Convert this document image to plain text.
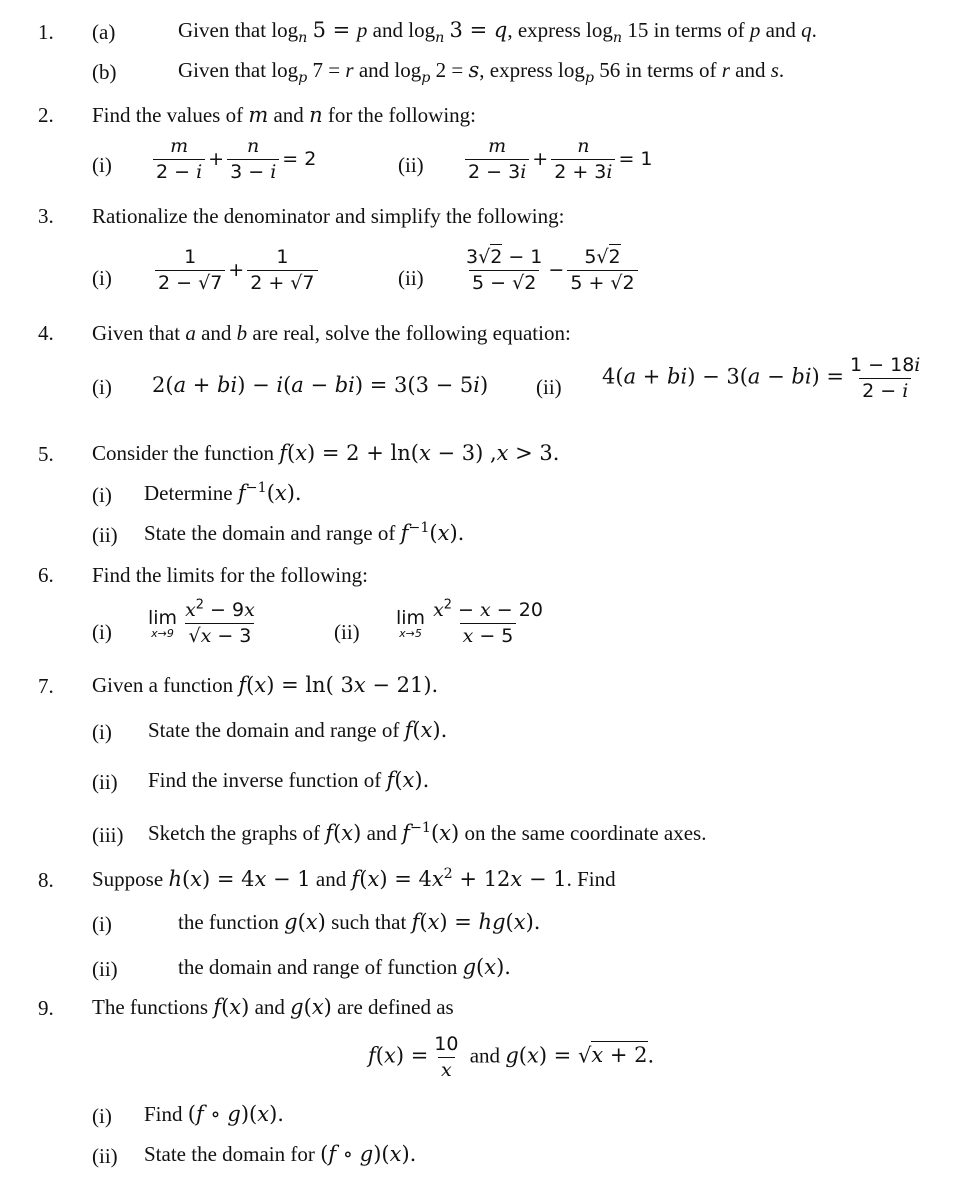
1. (a)	Given that $\log_n 5 = p$ and $\log_n 3 = q$, express $\log_n 15$ in terms of p and q.
(b)	Given that $\log_p 7 = r$ and $\log_p 2 = s$, express $\log_p 56$ in terms of r and s.
2. Find the values of m and n for the following:
$(i) \frac{m}{2 - i} + \frac{n}{3 - i} = 2$	$(ii) \frac{m}{2 - 3i} + \frac{n}{2 + 3i} = 1$
3. Rationalize the denominator and simplify the following:
$(i) \frac{1}{2 - √7} + \frac{1}{2 + √7}$	$(ii) \frac{3√2 - 1}{5 - √2} - \frac{5√2}{5 + √2}$
4. Given that a and b are real, solve the following equation:
(i) 2(a + bi) − i(a − bi) = 3(3 − 5i) (ii) $4(a + bi) - 3(a - bi) = \frac{1 - 18i}{2 - i}$
5. Consider the function f(x) = 2 + ln(x − 3) ,x > 3.
(i) Determine $f^{-1}(x)$.
(ii) State the domain and range of $f^{-1}(x)$.
6. Find the limits for the following:
(i)
lim
$x\to 9 \frac{x^2 - 9x}{√x - 3}$	(ii)
lim
$x\to 5 \frac{x^2 - x - 20}{x - 5}$
7. Given a function f(x) = ln( 3x − 21).
(i) State the domain and range of f(x).
(ii) Find the inverse function of f(x).
(iii) Sketch the graphs of f(x) and $f^{-1}(x)$ on the same coordinate axes.
8. Suppose h(x) = 4x − 1 and $f(x) = 4x^2 + 12x - 1$. Find
(i)	the function g(x) such that f(x) = hg(x).
(ii)	the domain and range of function g(x).
9. The functions f(x) and g(x) are defined as
$f(x) = \frac{10}{x}$ and g(x) = √x + 2.
(i) Find (f ∘ g)(x).
(ii) State the domain for (f ∘ g)(x).
